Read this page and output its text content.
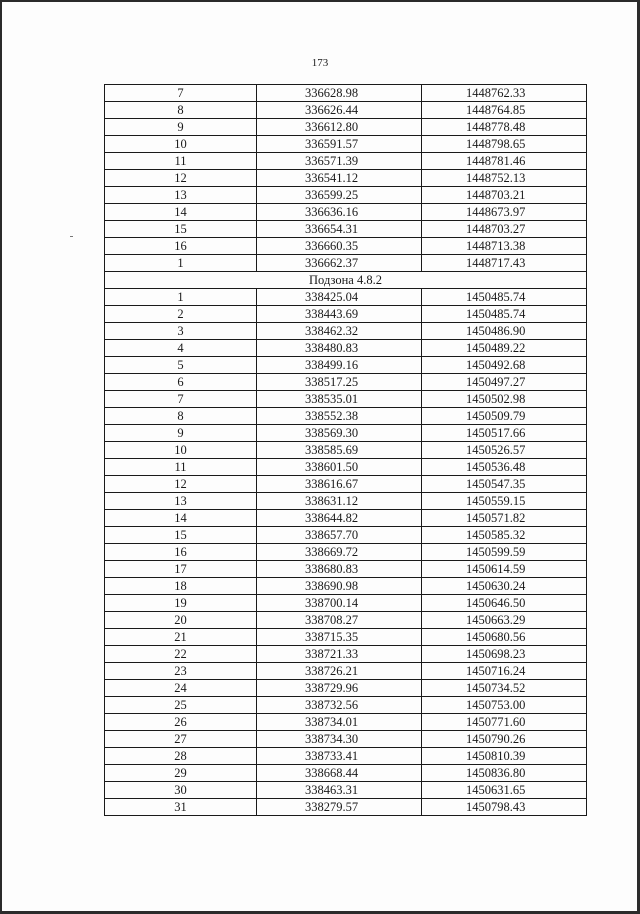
173
7	336628.98	1448762.33
8	336626.44	1448764.85
9	336612.80	1448778.48
10	336591.57	1448798.65
11	336571.39	1448781.46
12	336541.12	1448752.13
13	336599.25	1448703.21
14	336636.16	1448673.97
15	336654.31	1448703.27
16	336660.35	1448713.38
1	336662.37	1448717.43
Подзона 4.8.2		
1	338425.04	1450485.74
2	338443.69	1450485.74
3	338462.32	1450486.90
4	338480.83	1450489.22
5	338499.16	1450492.68
6	338517.25	1450497.27
7	338535.01	1450502.98
8	338552.38	1450509.79
9	338569.30	1450517.66
10	338585.69	1450526.57
11	338601.50	1450536.48
12	338616.67	1450547.35
13	338631.12	1450559.15
14	338644.82	1450571.82
15	338657.70	1450585.32
16	338669.72	1450599.59
17	338680.83	1450614.59
18	338690.98	1450630.24
19	338700.14	1450646.50
20	338708.27	1450663.29
21	338715.35	1450680.56
22	338721.33	1450698.23
23	338726.21	1450716.24
24	338729.96	1450734.52
25	338732.56	1450753.00
26	338734.01	1450771.60
27	338734.30	1450790.26
28	338733.41	1450810.39
29	338668.44	1450836.80
30	338463.31	1450631.65
31	338279.57	1450798.43
